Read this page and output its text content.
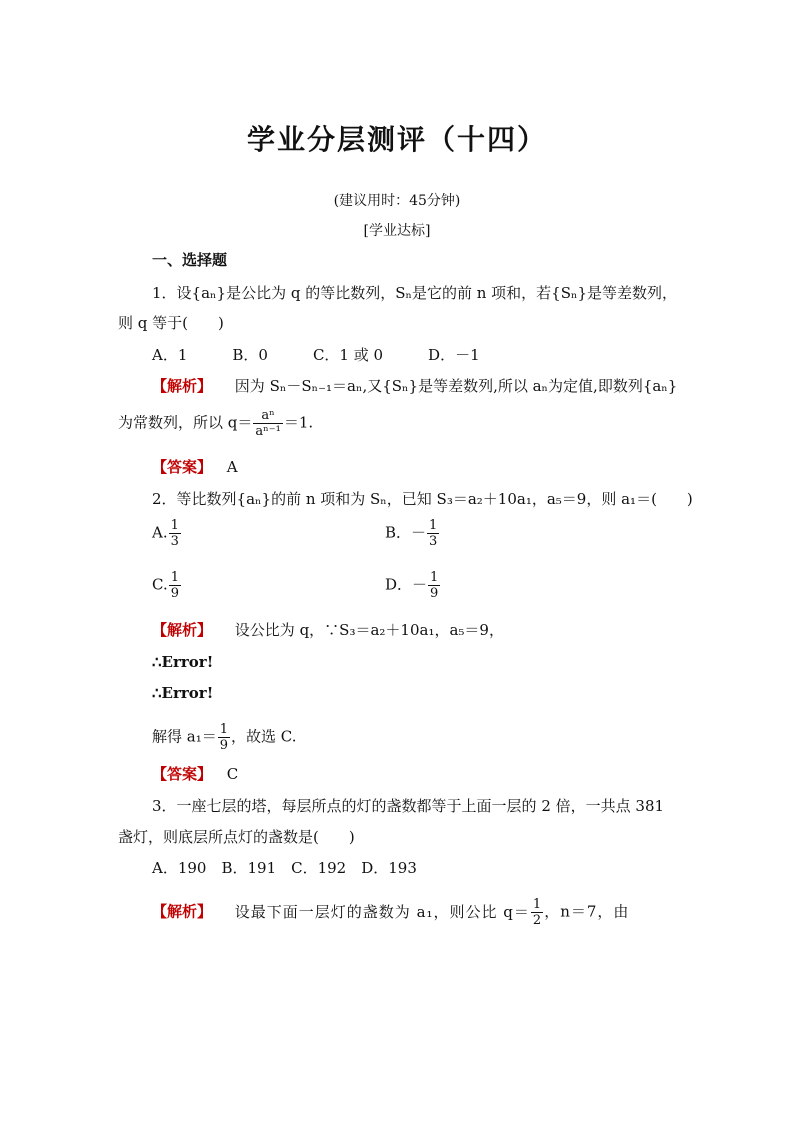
学业分层测评（十四）
(建议用时：45分钟)
[学业达标]
一、选择题
1．设{aₙ}是公比为 q 的等比数列，Sₙ是它的前 n 项和，若{Sₙ}是等差数列，
则 q 等于(　　)
A．1　　　B．0　　　C．1 或 0　　　D．－1
【解析】 因为 Sₙ－Sₙ₋₁＝aₙ,又{Sₙ}是等差数列,所以 aₙ为定值,即数列{aₙ}
为常数列，所以 $q= \frac{\text{aⁿ}}{\text{aⁿ⁻¹}} =1$.
【答案】 A
2．等比数列{aₙ}的前 n 项和为 Sₙ，已知 S₃＝a₂＋10a₁，a₅＝9，则 a₁＝(　　)
A. $\frac{1}{3}$	B．－ $\frac{1}{3}$
C. $\frac{1}{9}$	D．－ $\frac{1}{9}$
【解析】 设公比为 q，∵S₃＝a₂＋10a₁，a₅＝9，
∴Error!
∴Error!
解得 $a_1= \frac{1}{9}$ ，故选 C.
【答案】 C
3．一座七层的塔，每层所点的灯的盏数都等于上面一层的 2 倍，一共点 381
盏灯，则底层所点灯的盏数是(　　)
A．190　B．191　C．192　D．193
【解析】 设最下面一层灯的盏数为 a₁，则公比 $q= \frac{1}{2}$ ，n＝7，由
